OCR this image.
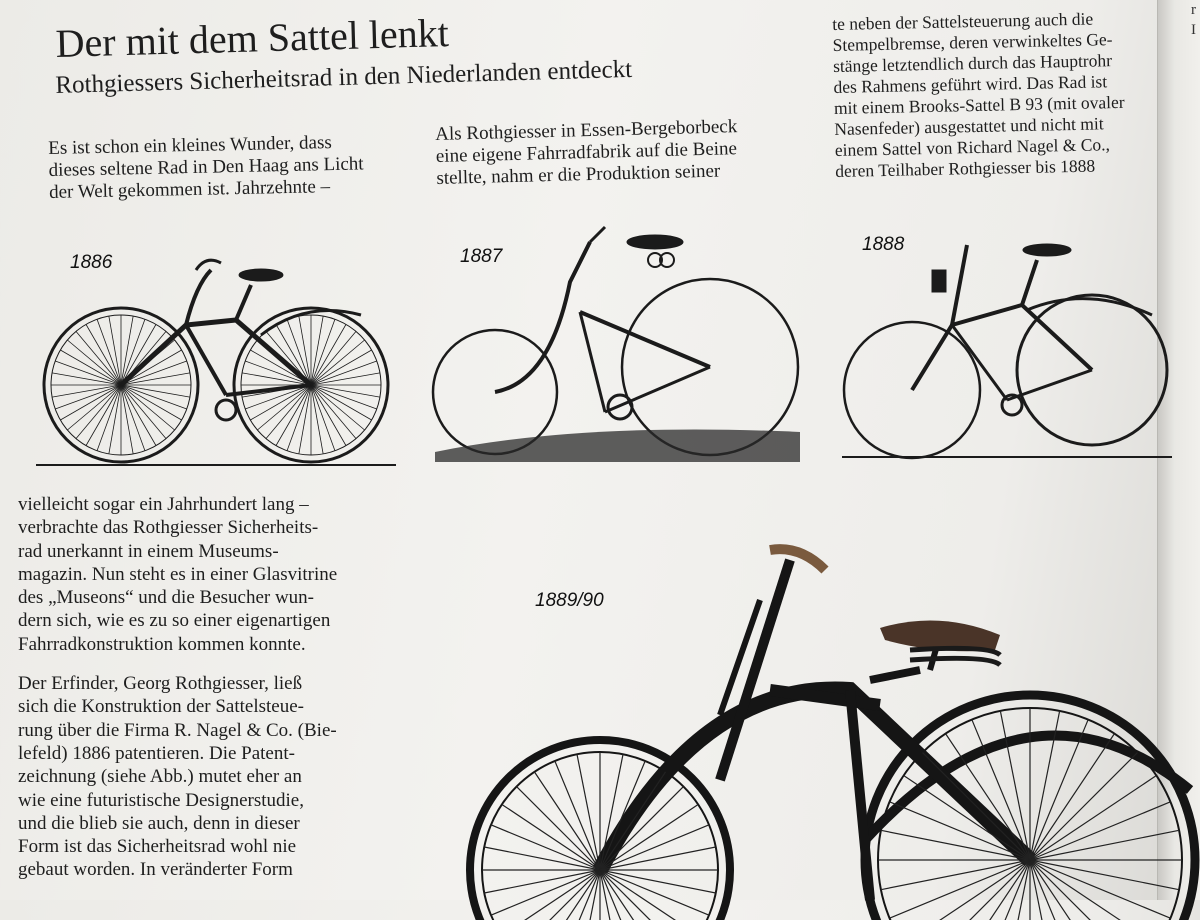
r
I
Der mit dem Sattel lenkt
Rothgiessers Sicherheitsrad in den Niederlanden entdeckt

Es ist schon ein kleines Wunder, dass
dieses seltene Rad in Den Haag ans Licht
der Welt gekommen ist. Jahrzehnte –

Als Rothgiesser in Essen-Bergeborbeck
eine eigene Fahrradfabrik auf die Beine
stellte, nahm er die Produktion seiner

te neben der Sattelsteuerung auch die
Stempelbremse, deren verwinkeltes Ge-
stänge letztendlich durch das Hauptrohr
des Rahmens geführt wird. Das Rad ist
mit einem Brooks-Sattel B 93 (mit ovaler
Nasenfeder) ausgestattet und nicht mit
einem Sattel von Richard Nagel & Co.,
deren Teilhaber Rothgiesser bis 1888

vielleicht sogar ein Jahrhundert lang –
verbrachte das Rothgiesser Sicherheits-
rad unerkannt in einem Museums-
magazin. Nun steht es in einer Glasvitrine
des „Museons“ und die Besucher wun-
dern sich, wie es zu so einer eigenartigen
Fahrradkonstruktion kommen konnte.

Der Erfinder, Georg Rothgiesser, ließ
sich die Konstruktion der Sattelsteue-
rung über die Firma R. Nagel & Co. (Bie-
lefeld) 1886 patentieren. Die Patent-
zeichnung (siehe Abb.) mutet eher an
wie eine futuristische Designerstudie,
und die blieb sie auch, denn in dieser
Form ist das Sicherheitsrad wohl nie
gebaut worden. In veränderter Form

1886	1887
1888
1889/90
